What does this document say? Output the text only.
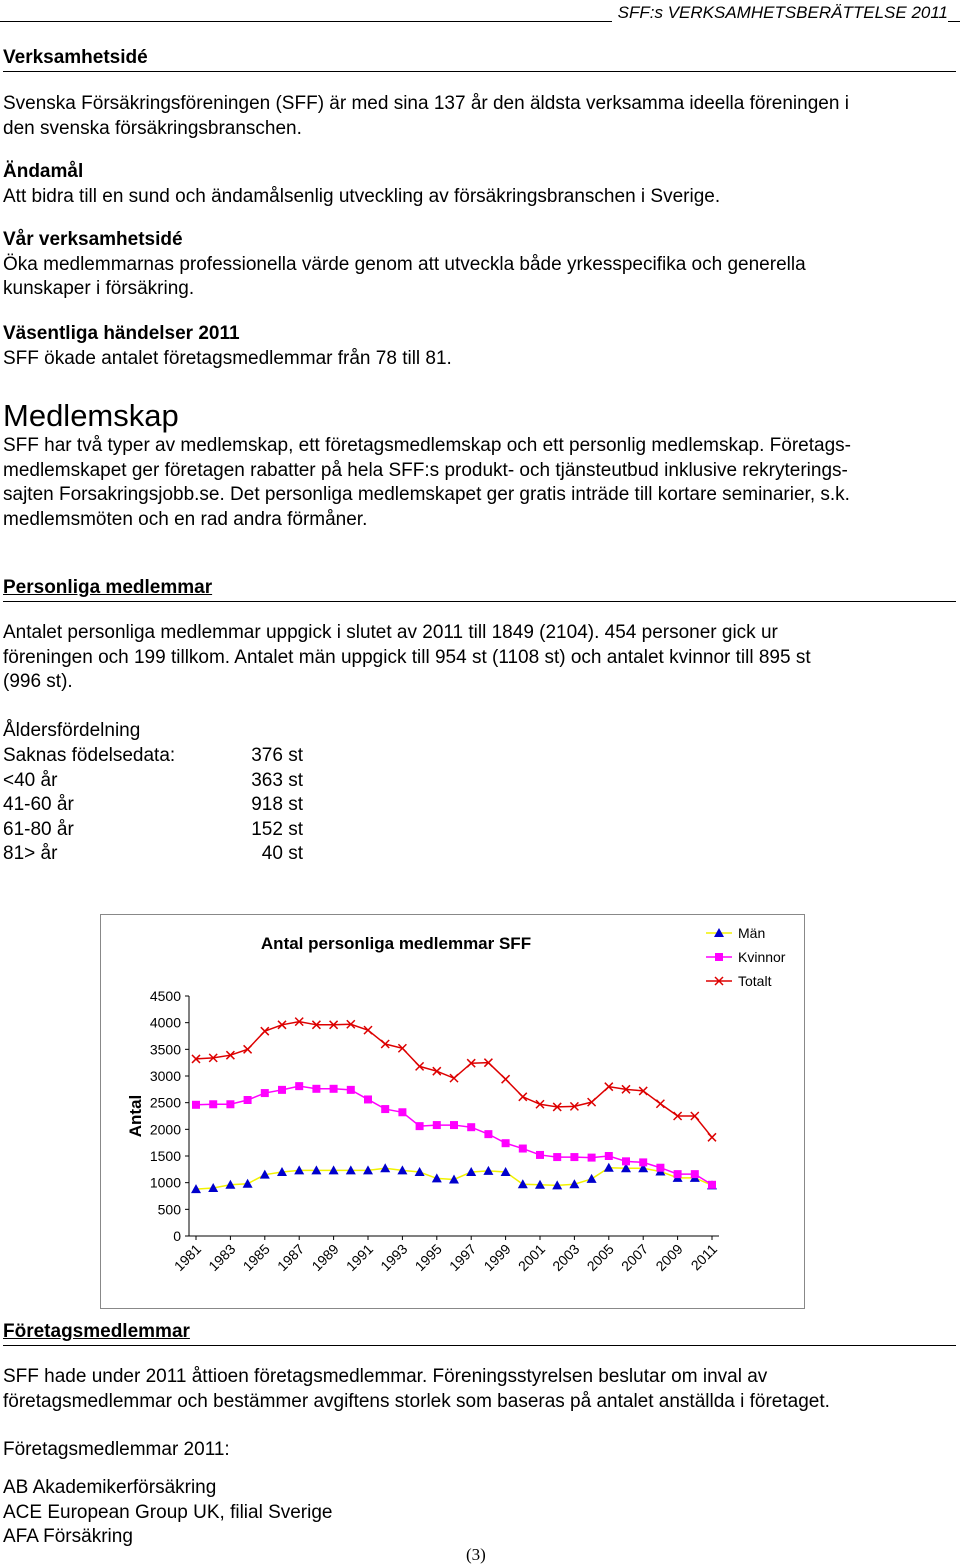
SFF:s VERKSAMHETSBERÄTTELSE 2011
Verksamhetsidé

Svenska Försäkringsföreningen (SFF) är med sina 137 år den äldsta verksamma ideella föreningen i

den svenska försäkringsbranschen.

Ändamål

Att bidra till en sund och ändamålsenlig utveckling av försäkringsbranschen i Sverige.

Vår verksamhetsidé

Öka medlemmarnas professionella värde genom att utveckla både yrkesspecifika och generella

kunskaper i försäkring.

Väsentliga händelser 2011

SFF ökade antalet företagsmedlemmar från 78 till 81.

Medlemskap

SFF har två typer av medlemskap, ett företagsmedlemskap och ett personlig medlemskap. Företags-

medlemskapet ger företagen rabatter på hela SFF:s produkt- och tjänsteutbud inklusive rekryterings-

sajten Forsakringsjobb.se. Det personliga medlemskapet ger gratis inträde till kortare seminarier, s.k.

medlemsmöten och en rad andra förmåner.

Personliga medlemmar

Antalet personliga medlemmar uppgick i slutet av 2011 till 1849 (2104). 454 personer gick ur

föreningen och 199 tillkom. Antalet män uppgick till 954 st (1108 st) och antalet kvinnor till 895 st

(996 st).

Åldersfördelning

Saknas födelsedata:	376 st
<40 år	363 st
41-60 år	918 st
61-80 år	152 st
81> år	40 st
Antal personliga medlemmar SFF
Antal
0
500
1000
1500
2000
2500
3000
3500
4000
4500
1981 1983 1985 1987 1989 1991 1993 1995 1997 1999 2001 2003 2005 2007 2009 2011
Män
Kvinnor
Totalt
Företagsmedlemmar

SFF hade under 2011 åttioen företagsmedlemmar. Föreningsstyrelsen beslutar om inval av

företagsmedlemmar och bestämmer avgiftens storlek som baseras på antalet anställda i företaget.

Företagsmedlemmar 2011:

AB Akademikerförsäkring

ACE European Group UK, filial Sverige

AFA Försäkring

(3)
